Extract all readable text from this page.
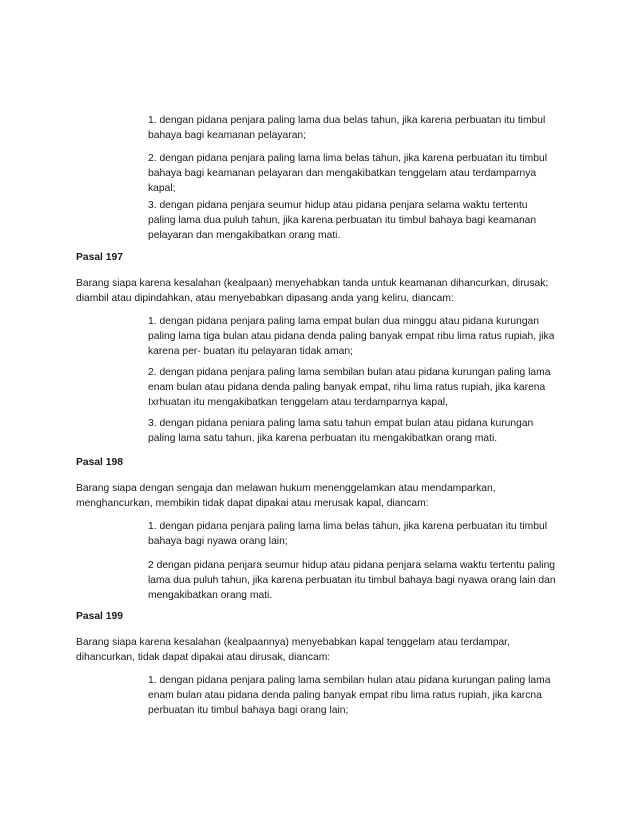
1. dengan pidana penjara paling lama dua belas tahun, jika karena perbuatan itu timbul
bahaya bagi keamanan pelayaran;
2. dengan pidana penjara paling lama lima belas tahun, jika karena perbuatan itu timbul
bahaya bagi keamanan pelayaran dan mengakibatkan tenggelam atau terdamparnya
kapal;
3. dengan pidana penjara seumur hidup atau pidana penjara selama waktu tertentu
paling lama dua puluh tahun, jika karena perbuatan itu timbul bahaya bagi keamanan
pelayaran dan mengakibatkan orang mati.
Pasal 197
Barang siapa karena kesalahan (kealpaan) menyehabkan tanda untuk keamanan dihancurkan, dirusak;
diambil atau dipindahkan, atau menyebabkan dipasang anda yang keliru, diancam:
1. dengan pidana penjara paling lama empat bulan dua minggu atau pidana kurungan
paling lama tiga bulan atau pidana denda paling banyak empat ribu lima ratus rupiah, jika
karena per- buatan itu pelayaran tidak aman;
2. dengan pidana penjara paling lama sembilan bulan atau pidana kurungan paling lama
enam bulan atau pidana denda paling banyak empat, rihu lima ratus rupiah, jika karena
Ixrhuatan itu mengakibatkan tenggelam atau terdamparnya kapal,
3. dengan pidana peniara paling lama satu tahun empat bulan atau pidana kurungan
paling lama satu tahun, jika karena perbuatan itu mengakibatkan orang mati.
Pasal 198
Barang siapa dengan sengaja dan melawan hukum menenggelamkan atau mendamparkan,
menghancurkan, membikin tidak dapat dipakai atau merusak kapal, diancam:
1. dengan pidana penjara paling lama lima belas tahun, jika karena perbuatan itu timbul
bahaya bagi nyawa orang lain;
2 dengan pidana penjara seumur hidup atau pidana penjara selama waktu tertentu paling
lama dua puluh tahun, jika karena perbuatan itu timbul bahaya bagi nyawa orang lain dan
mengakibatkan orang mati.
Pasal 199
Barang siapa karena kesalahan (kealpaannya) menyebabkan kapal tenggelam atau terdampar,
dihancurkan, tidak dapat dipakai atau dirusak, diancam:
1. dengan pidana penjara paling lama sembilan hulan atau pidana kurungan paling lama
enam bulan atau pidana denda paling banyak empat ribu lima ratus rupiah, jika karcna
perbuatan itu timbul bahaya bagi orang lain;
